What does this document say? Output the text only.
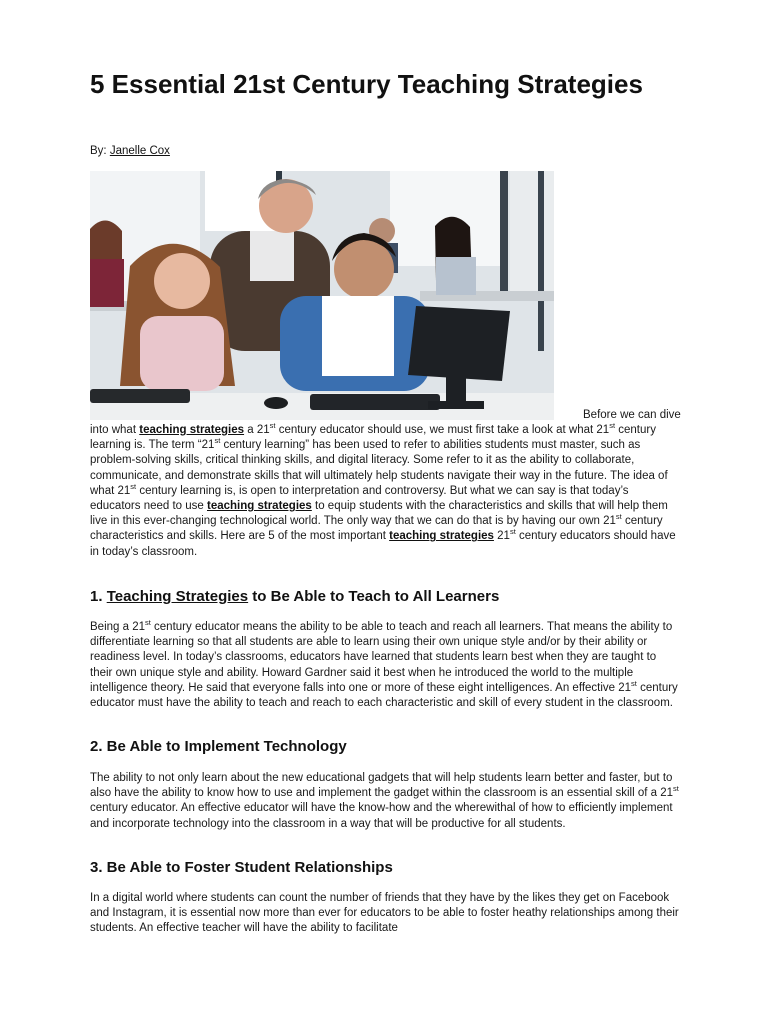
5 Essential 21st Century Teaching Strategies
By: Janelle Cox
Before we can dive

into what teaching strategies a 21st century educator should use, we must first take a look at what 21st century learning is. The term “21st century learning” has been used to refer to abilities students must master, such as problem-solving skills, critical thinking skills, and digital literacy. Some refer to it as the ability to collaborate, communicate, and demonstrate skills that will ultimately help students navigate their way in the future. The idea of what 21st century learning is, is open to interpretation and controversy. But what we can say is that today’s educators need to use teaching strategies to equip students with the characteristics and skills that will help them live in this ever-changing technological world. The only way that we can do that is by having our own 21st century characteristics and skills. Here are 5 of the most important teaching strategies 21st century educators should have in today’s classroom.

1. Teaching Strategies to Be Able to Teach to All Learners

Being a 21st century educator means the ability to be able to teach and reach all learners. That means the ability to differentiate learning so that all students are able to learn using their own unique style and/or by their ability or readiness level. In today’s classrooms, educators have learned that students learn best when they are taught to their own unique style and ability. Howard Gardner said it best when he introduced the world to the multiple intelligence theory. He said that everyone falls into one or more of these eight intelligences. An effective 21st century educator must have the ability to teach and reach to each characteristic and skill of every student in the classroom.

2. Be Able to Implement Technology

The ability to not only learn about the new educational gadgets that will help students learn better and faster, but to also have the ability to know how to use and implement the gadget within the classroom is an essential skill of a 21st century educator. An effective educator will have the know-how and the wherewithal of how to efficiently implement and incorporate technology into the classroom in a way that will be productive for all students.

3. Be Able to Foster Student Relationships

In a digital world where students can count the number of friends that they have by the likes they get on Facebook and Instagram, it is essential now more than ever for educators to be able to foster heathy relationships among their students. An effective teacher will have the ability to facilitate
